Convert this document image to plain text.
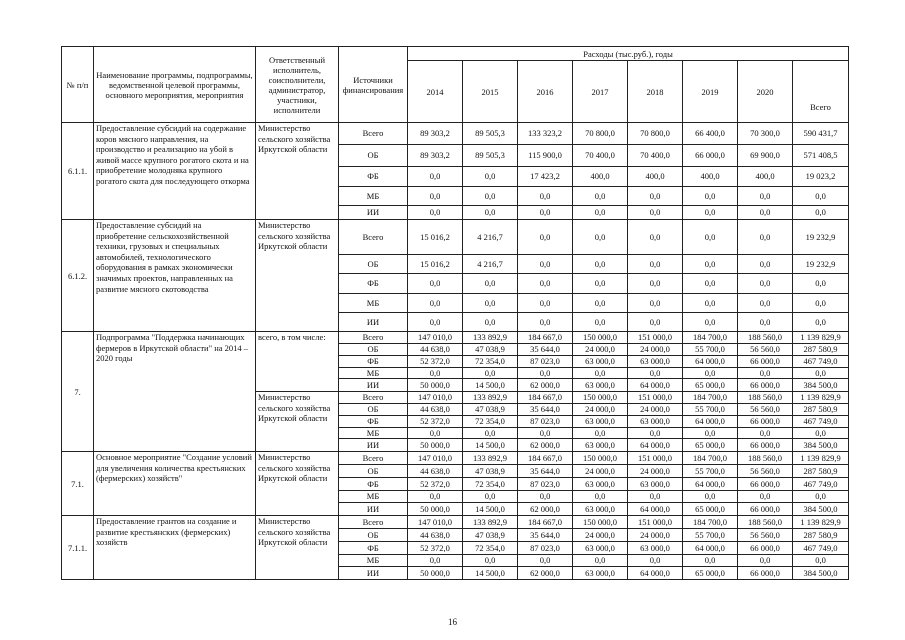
№ п/п	Наименование программы, подпрограммы, ведомственной целевой программы, основного мероприятия, мероприятия	Ответственный исполнитель, соисполнители, администратор, участники, исполнители	Источники финансирования	Расходы (тыс.руб.), годы							
				2014	2015	2016	2017	2018	2019	2020	Всего
6.1.1.	Предоставление субсидий на содержание коров мясного направления, на производство и реализацию на убой в живой массе крупного рогатого скота и на приобретение молодняка крупного рогатого скота для последующего откорма	Министерство сельского хозяйства Иркутской области	Всего	89 303,2	89 505,3	133 323,2	70 800,0	70 800,0	66 400,0	70 300,0	590 431,7
			ОБ	89 303,2	89 505,3	115 900,0	70 400,0	70 400,0	66 000,0	69 900,0	571 408,5
			ФБ	0,0	0,0	17 423,2	400,0	400,0	400,0	400,0	19 023,2
			МБ	0,0	0,0	0,0	0,0	0,0	0,0	0,0	0,0
			ИИ	0,0	0,0	0,0	0,0	0,0	0,0	0,0	0,0
6.1.2.	Предоставление субсидий на приобретение сельскохозяйственной техники, грузовых и специальных автомобилей, технологического оборудования в рамках экономически значимых проектов, направленных на развитие мясного скотоводства	Министерство сельского хозяйства Иркутской области	Всего	15 016,2	4 216,7	0,0	0,0	0,0	0,0	0,0	19 232,9
			ОБ	15 016,2	4 216,7	0,0	0,0	0,0	0,0	0,0	19 232,9
			ФБ	0,0	0,0	0,0	0,0	0,0	0,0	0,0	0,0
			МБ	0,0	0,0	0,0	0,0	0,0	0,0	0,0	0,0
			ИИ	0,0	0,0	0,0	0,0	0,0	0,0	0,0	0,0
7.	Подпрограмма "Поддержка начинающих фермеров в Иркутской области" на 2014 – 2020 годы	всего, в том числе:	Всего	147 010,0	133 892,9	184 667,0	150 000,0	151 000,0	184 700,0	188 560,0	1 139 829,9
			ОБ	44 638,0	47 038,9	35 644,0	24 000,0	24 000,0	55 700,0	56 560,0	287 580,9
			ФБ	52 372,0	72 354,0	87 023,0	63 000,0	63 000,0	64 000,0	66 000,0	467 749,0
			МБ	0,0	0,0	0,0	0,0	0,0	0,0	0,0	0,0
			ИИ	50 000,0	14 500,0	62 000,0	63 000,0	64 000,0	65 000,0	66 000,0	384 500,0
		Министерство сельского хозяйства Иркутской области	Всего	147 010,0	133 892,9	184 667,0	150 000,0	151 000,0	184 700,0	188 560,0	1 139 829,9
			ОБ	44 638,0	47 038,9	35 644,0	24 000,0	24 000,0	55 700,0	56 560,0	287 580,9
			ФБ	52 372,0	72 354,0	87 023,0	63 000,0	63 000,0	64 000,0	66 000,0	467 749,0
			МБ	0,0	0,0	0,0	0,0	0,0	0,0	0,0	0,0
			ИИ	50 000,0	14 500,0	62 000,0	63 000,0	64 000,0	65 000,0	66 000,0	384 500,0
7.1.	Основное мероприятие "Создание условий для увеличения количества крестьянских (фермерских) хозяйств"	Министерство сельского хозяйства Иркутской области	Всего	147 010,0	133 892,9	184 667,0	150 000,0	151 000,0	184 700,0	188 560,0	1 139 829,9
			ОБ	44 638,0	47 038,9	35 644,0	24 000,0	24 000,0	55 700,0	56 560,0	287 580,9
			ФБ	52 372,0	72 354,0	87 023,0	63 000,0	63 000,0	64 000,0	66 000,0	467 749,0
			МБ	0,0	0,0	0,0	0,0	0,0	0,0	0,0	0,0
			ИИ	50 000,0	14 500,0	62 000,0	63 000,0	64 000,0	65 000,0	66 000,0	384 500,0
7.1.1.	Предоставление грантов на создание и развитие крестьянских (фермерских) хозяйств	Министерство сельского хозяйства Иркутской области	Всего	147 010,0	133 892,9	184 667,0	150 000,0	151 000,0	184 700,0	188 560,0	1 139 829,9
			ОБ	44 638,0	47 038,9	35 644,0	24 000,0	24 000,0	55 700,0	56 560,0	287 580,9
			ФБ	52 372,0	72 354,0	87 023,0	63 000,0	63 000,0	64 000,0	66 000,0	467 749,0
			МБ	0,0	0,0	0,0	0,0	0,0	0,0	0,0	0,0
			ИИ	50 000,0	14 500,0	62 000,0	63 000,0	64 000,0	65 000,0	66 000,0	384 500,0
16
